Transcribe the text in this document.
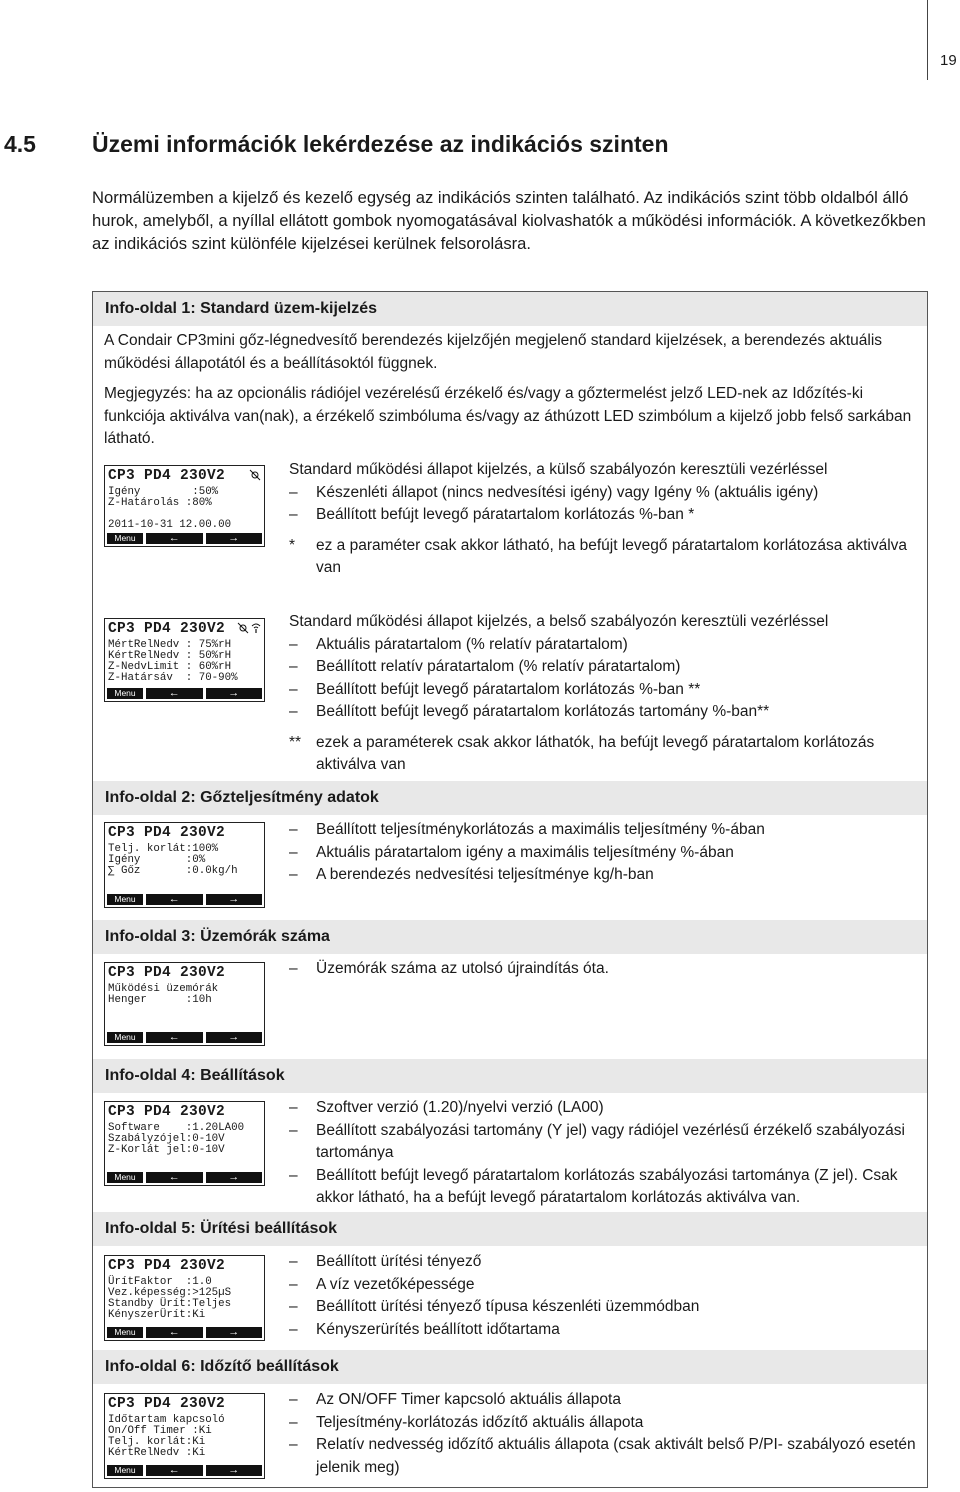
19
4.5 Üzemi információk lekérdezése az indikációs szinten
Normálüzemben a kijelző és kezelő egység az indikációs szinten található. Az indikációs szint több oldalból álló hurok, amelyből, a nyíllal ellátott gombok nyomogatásával kiolvashatók a működési információk. A következőkben az indikációs szint különféle kijelzései kerülnek felsorolásra.
Info-oldal 1: Standard üzem-kijelzés
A Condair CP3mini gőz-légnedvesítő berendezés kijelzőjén megjelenő standard kijelzések, a berendezés aktuális működési állapotától és a beállításoktól függnek.
Megjegyzés: ha az opcionális rádiójel vezérelésű érzékelő és/vagy a gőztermelést jelző LED-nek az Időzítés-ki funkciója aktiválva van(nak), a érzékelő szimbóluma és/vagy az áthúzott LED szimbólum a kijelző jobb felső sarkában látható.
CP3 PD4 230V2
Igény        :50%
Z-Határolás :80%
2011-10-31 12.00.00
Menu	←	→
Standard működési állapot kijelzés, a külső szabályozón keresztüli vezérléssel
– Készenléti állapot (nincs nedvesítési igény) vagy Igény % (aktuális igény)
– Beállított befújt levegő páratartalom korlátozás %-ban *
* ez a paraméter csak akkor látható, ha befújt levegő páratartalom korlátozása aktiválva van
CP3 PD4 230V2
MértRelNedv : 75%rH
KértRelNedv : 50%rH
Z-NedvLimit : 60%rH
Z-Határsáv  : 70-90%
Menu	←	→
Standard működési állapot kijelzés, a belső szabályozón keresztüli vezérléssel
– Aktuális páratartalom (% relatív páratartalom)
– Beállított relatív páratartalom (% relatív páratartalom)
– Beállított befújt levegő páratartalom korlátozás %-ban **
– Beállított befújt levegő páratartalom korlátozás tartomány %-ban**
** ezek a paraméterek csak akkor láthatók, ha befújt levegő páratartalom korlátozás aktiválva van
Info-oldal 2: Gőzteljesítmény adatok
CP3 PD4 230V2
Telj. korlát:100%
Igény       :0%
∑ Gőz       :0.0kg/h
Menu	←	→
– Beállított teljesítménykorlátozás a maximális teljesítmény %-ában
– Aktuális páratartalom igény a maximális teljesítmény %-ában
– A berendezés nedvesítési teljesítménye kg/h-ban
Info-oldal 3: Üzemórák száma
CP3 PD4 230V2
Működési üzemórák
Henger      :10h
Menu	←	→
– Üzemórák száma az utolsó újraindítás óta.
Info-oldal 4: Beállítások
CP3 PD4 230V2
Software    :1.20LA00
Szabályzójel:0-10V
Z-Korlát jel:0-10V
Menu	←	→
– Szoftver verzió (1.20)/nyelvi verzió (LA00)
– Beállított szabályozási tartomány (Y jel) vagy rádiójel vezérlésű érzékelő szabályozási tartománya
– Beállított befújt levegő páratartalom korlátozás szabályozási tartománya (Z jel). Csak akkor látható, ha a befújt levegő páratartalom korlátozás aktiválva van.
Info-oldal 5: Ürítési beállítások
CP3 PD4 230V2
ÜrítFaktor  :1.0
Vez.képesség:>125µS
Standby Ürít:Teljes
KényszerÜrít:Ki
Menu	←	→
– Beállított ürítési tényező
– A víz vezetőképessége
– Beállított ürítési tényező típusa készenléti üzemmódban
– Kényszerürítés beállított időtartama
Info-oldal 6: Időzítő beállítások
CP3 PD4 230V2
Időtartam kapcsoló
On/Off Timer :Ki
Telj. korlát:Ki
KértRelNedv :Ki
Menu	←	→
– Az ON/OFF Timer kapcsoló aktuális állapota
– Teljesítmény-korlátozás időzítő aktuális állapota
– Relatív nedvesség időzítő aktuális állapota (csak aktivált belső P/PI- szabályozó esetén jelenik meg)
